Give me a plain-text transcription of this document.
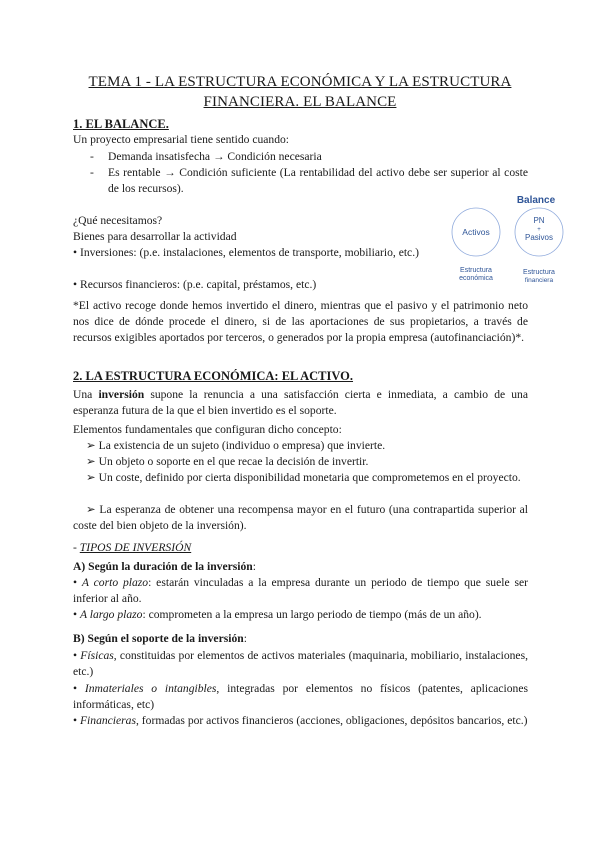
TEMA 1 - LA ESTRUCTURA ECONÓMICA Y LA ESTRUCTURA
FINANCIERA. EL BALANCE
1. EL BALANCE.
Un proyecto empresarial tiene sentido cuando:
- Demanda insatisfecha → Condición necesaria
- Es rentable → Condición suficiente (La rentabilidad del activo debe ser superior al coste de los recursos).
¿Qué necesitamos?
Bienes para desarrollar la actividad
• Inversiones: (p.e. instalaciones, elementos de transporte, mobiliario, etc.)
• Recursos financieros: (p.e. capital, préstamos, etc.)
Balance
Activos
PN
+
Pasivos
Estructura
económica
Estructura
financiera
*El activo recoge donde hemos invertido el dinero, mientras que el pasivo y el patrimonio neto nos dice de dónde procede el dinero, si de las aportaciones de sus propietarios, a través de recursos exigibles aportados por terceros, o generados por la propia empresa (autofinanciación)*.
2. LA ESTRUCTURA ECONÓMICA: EL ACTIVO.
Una inversión supone la renuncia a una satisfacción cierta e inmediata, a cambio de una esperanza futura de la que el bien invertido es el soporte.
Elementos fundamentales que configuran dicho concepto:
➢ La existencia de un sujeto (individuo o empresa) que invierte.
➢ Un objeto o soporte en el que recae la decisión de invertir.
➢ Un coste, definido por cierta disponibilidad monetaria que comprometemos en el proyecto.
➢ La esperanza de obtener una recompensa mayor en el futuro (una contrapartida superior al coste del bien objeto de la inversión).
- TIPOS DE INVERSIÓN
A) Según la duración de la inversión:
• A corto plazo: estarán vinculadas a la empresa durante un periodo de tiempo que suele ser inferior al año.
• A largo plazo: comprometen a la empresa un largo periodo de tiempo (más de un año).
B) Según el soporte de la inversión:
• Físicas, constituidas por elementos de activos materiales (maquinaria, mobiliario, instalaciones, etc.)
• Inmateriales o intangibles, integradas por elementos no físicos (patentes, aplicaciones informáticas, etc)
• Financieras, formadas por activos financieros (acciones, obligaciones, depósitos bancarios, etc.)
